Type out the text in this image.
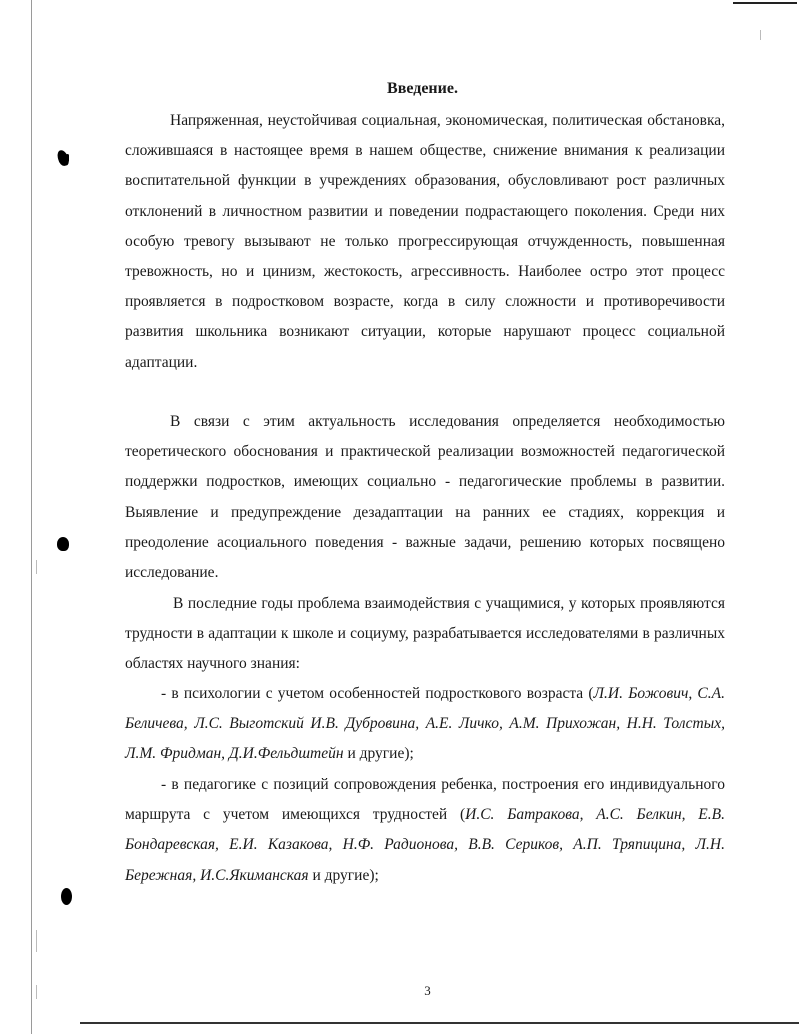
Введение.

Напряженная, неустойчивая социальная, экономическая, политическая обстановка, сложившаяся в настоящее время в нашем обществе, снижение внимания к реализации воспитательной функции в учреждениях образования, обусловливают рост различных отклонений в личностном развитии и поведении подрастающего поколения. Среди них особую тревогу вызывают не только прогрессирующая отчужденность, повышенная тревожность, но и цинизм, жестокость, агрессивность. Наиболее остро этот процесс проявляется в подростковом возрасте, когда в силу сложности и противоречивости развития школьника возникают ситуации, которые нарушают процесс социальной адаптации.

В связи с этим актуальность исследования определяется необходимостью теоретического обоснования и практической реализации возможностей педагогической поддержки подростков, имеющих социально - педагогические проблемы в развитии. Выявление и предупреждение дезадаптации на ранних ее стадиях, коррекция и преодоление асоциального поведения - важные задачи, решению которых посвящено исследование.

В последние годы проблема взаимодействия с учащимися, у которых проявляются трудности в адаптации к школе и социуму, разрабатывается исследователями в различных областях научного знания:

- в психологии с учетом особенностей подросткового возраста (Л.И. Божович, С.А. Беличева, Л.С. Выготский И.В. Дубровина, А.Е. Личко, А.М. Прихожан, Н.Н. Толстых, Л.М. Фридман, Д.И.Фельдштейн и другие);

- в педагогике с позиций сопровождения ребенка, построения его индивидуального маршрута с учетом имеющихся трудностей (И.С. Батракова, А.С. Белкин, Е.В. Бондаревская, Е.И. Казакова, Н.Ф. Радионова, В.В. Сериков, А.П. Тряпицина, Л.Н. Бережная, И.С.Якиманская и другие);

3
